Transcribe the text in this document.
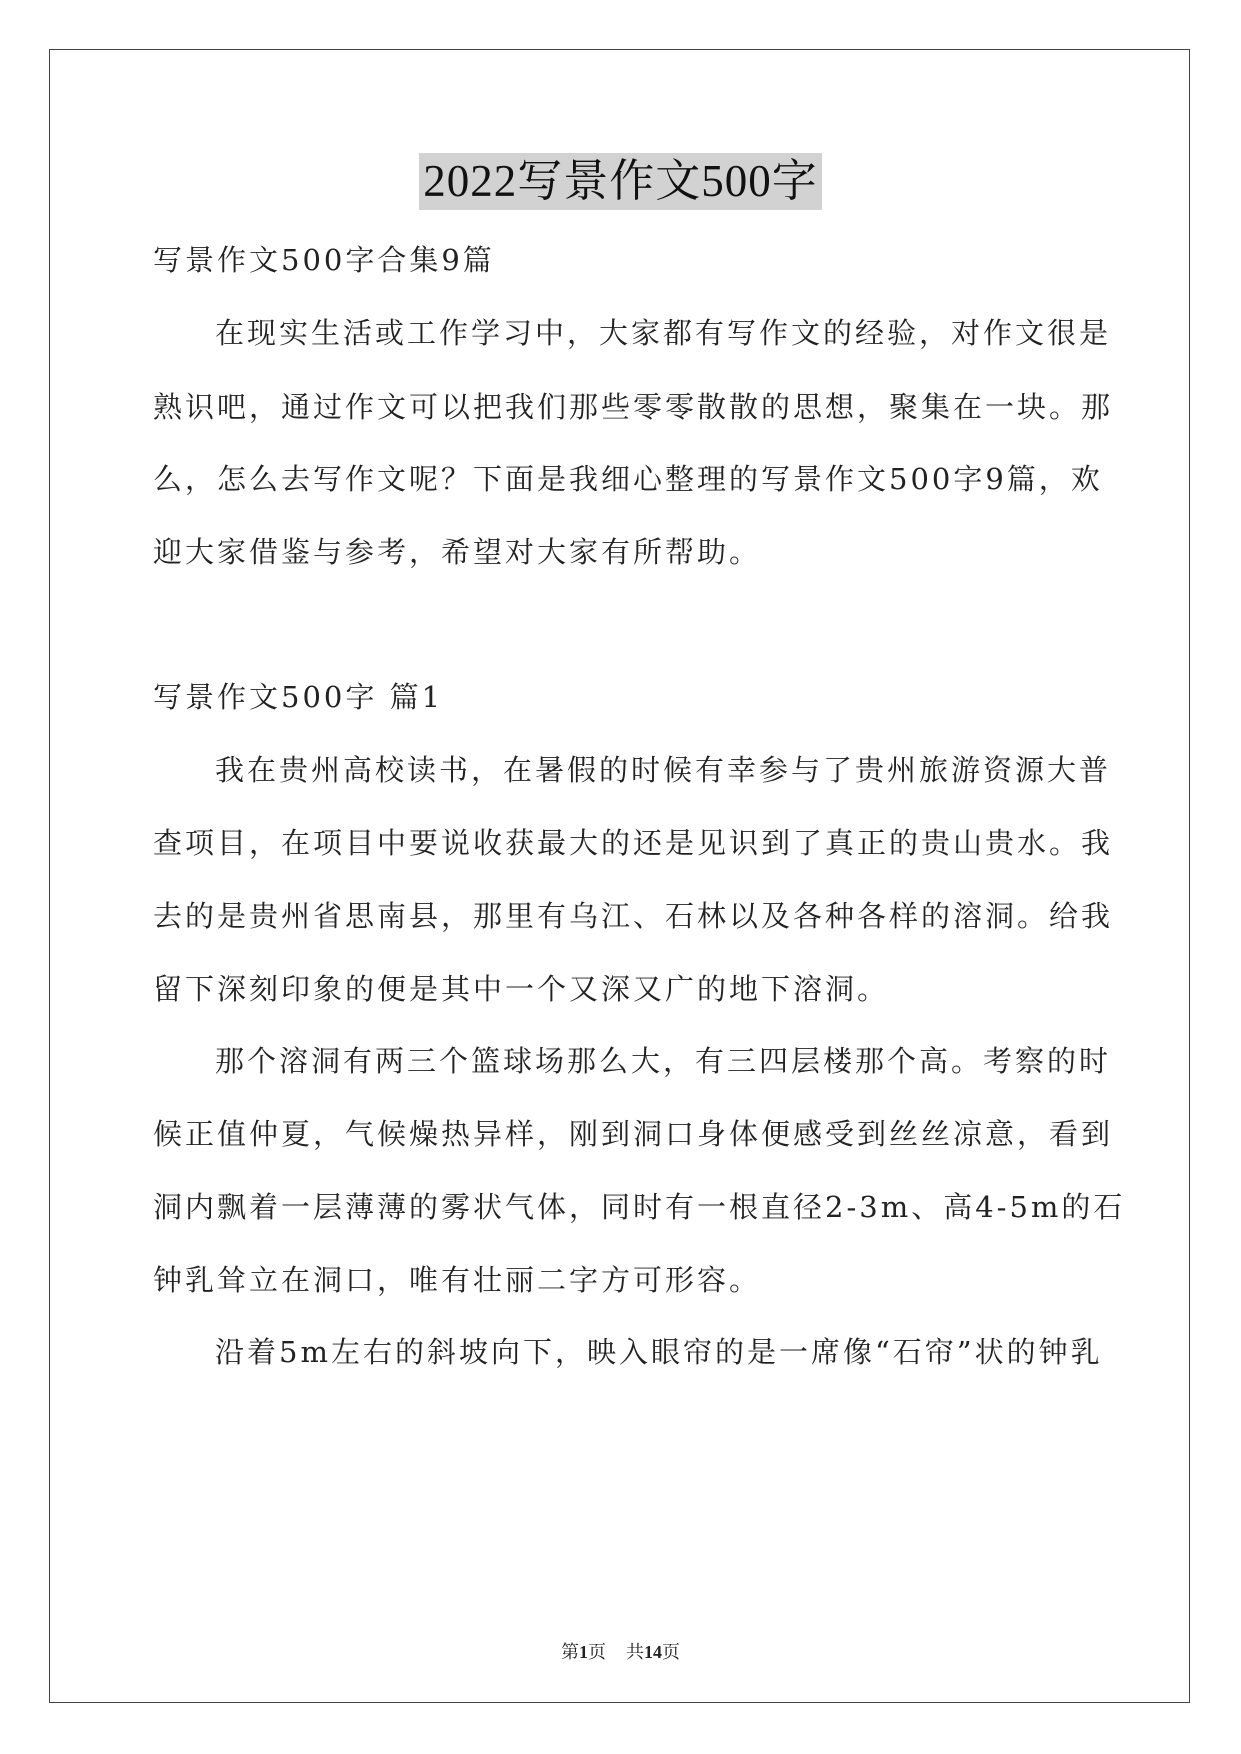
2022写景作文500字
写景作文500字合集9篇
在现实生活或工作学习中，大家都有写作文的经验，对作文很是
熟识吧，通过作文可以把我们那些零零散散的思想，聚集在一块。那
么，怎么去写作文呢？下面是我细心整理的写景作文500字9篇，欢
迎大家借鉴与参考，希望对大家有所帮助。
写景作文500字 篇1
我在贵州高校读书，在暑假的时候有幸参与了贵州旅游资源大普
查项目，在项目中要说收获最大的还是见识到了真正的贵山贵水。我
去的是贵州省思南县，那里有乌江、石林以及各种各样的溶洞。给我
留下深刻印象的便是其中一个又深又广的地下溶洞。
那个溶洞有两三个篮球场那么大，有三四层楼那个高。考察的时
候正值仲夏，气候燥热异样，刚到洞口身体便感受到丝丝凉意，看到
洞内飘着一层薄薄的雾状气体，同时有一根直径2-3m、高4-5m的石
钟乳耸立在洞口，唯有壮丽二字方可形容。
沿着5m左右的斜坡向下，映入眼帘的是一席像“石帘”状的钟乳
第1页 共14页
